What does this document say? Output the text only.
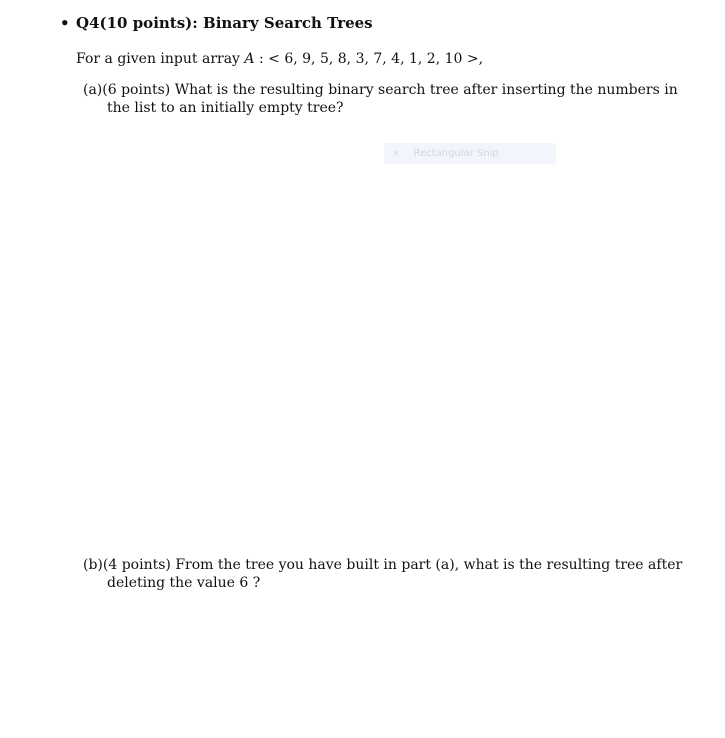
• Q4(10 points): Binary Search Trees
For a given input array A : < 6, 9, 5, 8, 3, 7, 4, 1, 2, 10 >,
(a)(6 points) What is the resulting binary search tree after inserting the numbers in the list to an initially empty tree?
✕ Rectangular Snip
(b)(4 points) From the tree you have built in part (a), what is the resulting tree after deleting the value 6 ?
